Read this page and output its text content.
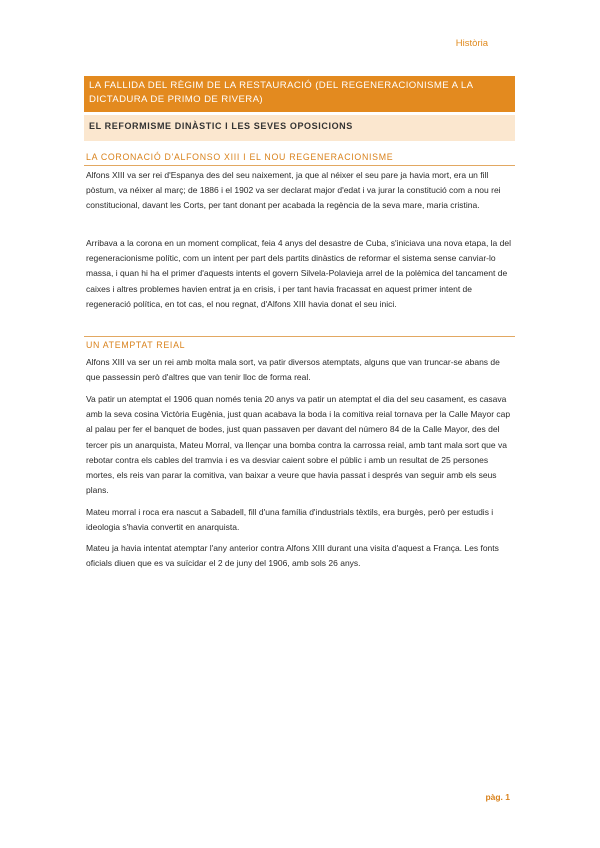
Història
LA FALLIDA DEL RÈGIM DE LA RESTAURACIÓ (DEL REGENERACIONISME A LA DICTADURA DE PRIMO DE RIVERA)
EL REFORMISME DINÀSTIC I LES SEVES OPOSICIONS
LA CORONACIÓ D'ALFONSO XIII I EL NOU REGENERACIONISME

Alfons XIII va ser rei d'Espanya des del seu naixement, ja que al néixer el seu pare ja havia mort, era un fill pòstum, va néixer al març; de 1886 i el 1902 va ser declarat major d'edat i va jurar la constitució com a nou rei constitucional, davant les Corts, per tant donant per acabada la regència de la seva mare, maria cristina.

Arribava a la corona en un moment complicat, feia 4 anys del desastre de Cuba, s'iniciava una nova etapa, la del regeneracionisme polític, com un intent per part dels partits dinàstics de reformar el sistema sense canviar-lo massa, i quan hi ha el primer d'aquests intents el govern Silvela-Polavieja arrel de la polèmica del tancament de caixes i altres problemes havien entrat ja en crisis, i per tant havia fracassat en aquest primer intent de regeneració política, en tot cas, el nou regnat, d'Alfons XIII havia donat el seu inici.

UN ATEMPTAT REIAL

Alfons XIII va ser un rei amb molta mala sort, va patir diversos atemptats, alguns que van truncar-se abans de que passessin però d'altres que van tenir lloc de forma real.

Va patir un atemptat el 1906 quan només tenia 20 anys va patir un atemptat el dia del seu casament, es casava amb la seva cosina Victòria Eugènia, just quan acabava la boda i la comitiva reial tornava per la Calle Mayor cap al palau per fer el banquet de bodes, just quan passaven per davant del número 84 de la Calle Mayor, des del tercer pis un anarquista, Mateu Morral, va llençar una bomba contra la carrossa reial, amb tant mala sort que va rebotar contra els cables del tramvia i es va desviar caient sobre el públic i amb un resultat de 25 persones mortes, els reis van parar la comitiva, van baixar a veure que havia passat i després van seguir amb els seus plans.

Mateu morral i roca era nascut a Sabadell, fill d'una família d'industrials tèxtils, era burgès, però per estudis i ideologia s'havia convertit en anarquista.

Mateu ja havia intentat atemptar l'any anterior contra Alfons XIII durant una visita d'aquest a França. Les fonts oficials diuen que es va suïcidar el 2 de juny del 1906, amb sols 26 anys.

pàg. 1
